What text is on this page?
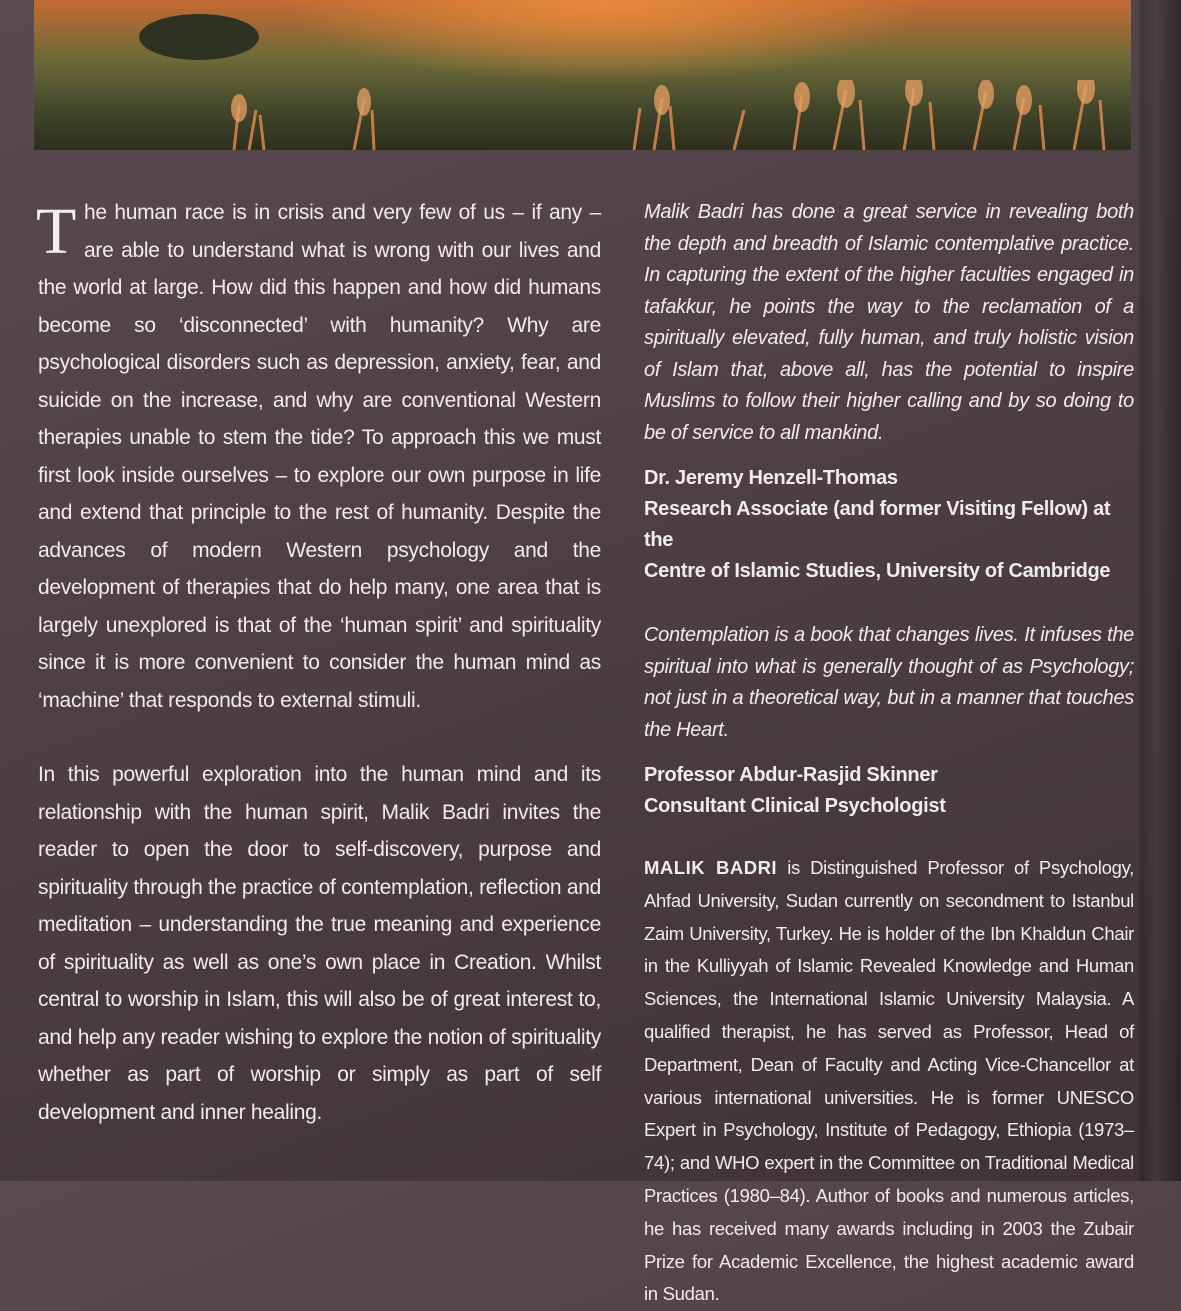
The human race is in crisis and very few of us – if any – are able to understand what is wrong with our lives and the world at large. How did this happen and how did humans become so ‘disconnected’ with humanity? Why are psychological disorders such as depression, anxiety, fear, and suicide on the increase, and why are conventional Western therapies unable to stem the tide? To approach this we must first look inside ourselves – to explore our own purpose in life and extend that principle to the rest of humanity. Despite the advances of modern Western psychology and the development of therapies that do help many, one area that is largely unexplored is that of the ‘human spirit’ and spirituality since it is more convenient to consider the human mind as ‘machine’ that responds to external stimuli.

In this powerful exploration into the human mind and its relationship with the human spirit, Malik Badri invites the reader to open the door to self-discovery, purpose and spirituality through the practice of contemplation, reflection and meditation – understanding the true meaning and experience of spirituality as well as one’s own place in Creation. Whilst central to worship in Islam, this will also be of great interest to, and help any reader wishing to explore the notion of spirituality whether as part of worship or simply as part of self development and inner healing.

Malik Badri has done a great service in revealing both the depth and breadth of Islamic contemplative practice. In capturing the extent of the higher faculties engaged in tafakkur, he points the way to the reclamation of a spiritually elevated, fully human, and truly holistic vision of Islam that, above all, has the potential to inspire Muslims to follow their higher calling and by so doing to be of service to all mankind.

Dr. Jeremy Henzell-Thomas
Research Associate (and former Visiting Fellow) at the
Centre of Islamic Studies, University of Cambridge

Contemplation is a book that changes lives. It infuses the spiritual into what is generally thought of as Psychology; not just in a theoretical way, but in a manner that touches the Heart.

Professor Abdur-Rasjid Skinner
Consultant Clinical Psychologist

MALIK BADRI is Distinguished Professor of Psychology, Ahfad University, Sudan currently on secondment to Istanbul Zaim University, Turkey. He is holder of the Ibn Khaldun Chair in the Kulliyyah of Islamic Revealed Knowledge and Human Sciences, the International Islamic University Malaysia. A qualified therapist, he has served as Professor, Head of Department, Dean of Faculty and Acting Vice-Chancellor at various international universities. He is former UNESCO Expert in Psychology, Institute of Pedagogy, Ethiopia (1973–74); and WHO expert in the Committee on Traditional Medical Practices (1980–84). Author of books and numerous articles, he has received many awards including in 2003 the Zubair Prize for Academic Excellence, the highest academic award in Sudan.
